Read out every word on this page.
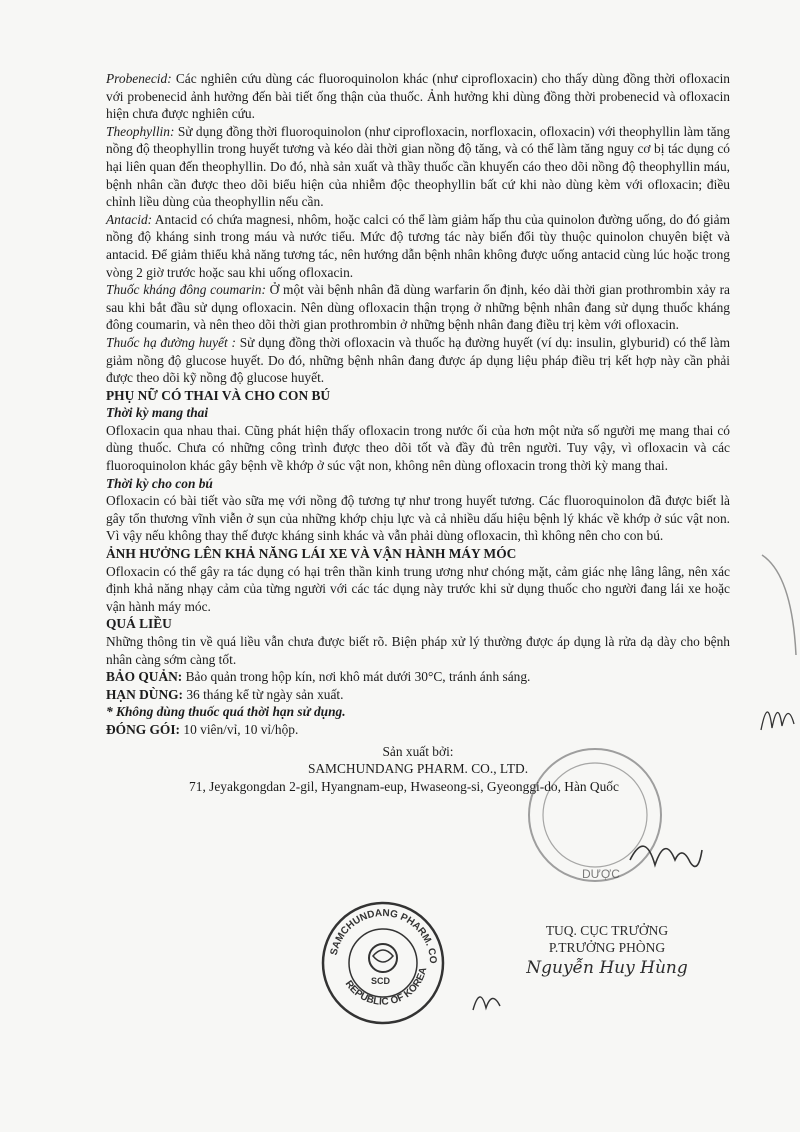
Probenecid: Các nghiên cứu dùng các fluoroquinolon khác (như ciprofloxacin) cho thấy dùng đồng thời ofloxacin với probenecid ảnh hưởng đến bài tiết ống thận của thuốc. Ảnh hưởng khi dùng đồng thời probenecid và ofloxacin hiện chưa được nghiên cứu.

Theophyllin: Sử dụng đồng thời fluoroquinolon (như ciprofloxacin, norfloxacin, ofloxacin) với theophyllin làm tăng nồng độ theophyllin trong huyết tương và kéo dài thời gian nồng độ tăng, và có thể làm tăng nguy cơ bị tác dụng có hại liên quan đến theophyllin. Do đó, nhà sản xuất và thầy thuốc cần khuyến cáo theo dõi nồng độ theophyllin máu, bệnh nhân cần được theo dõi biểu hiện của nhiễm độc theophyllin bất cứ khi nào dùng kèm với ofloxacin; điều chỉnh liều dùng của theophyllin nếu cần.

Antacid: Antacid có chứa magnesi, nhôm, hoặc calci có thể làm giảm hấp thu của quinolon đường uống, do đó giảm nồng độ kháng sinh trong máu và nước tiểu. Mức độ tương tác này biến đổi tùy thuộc quinolon chuyên biệt và antacid. Để giảm thiểu khả năng tương tác, nên hướng dẫn bệnh nhân không được uống antacid cùng lúc hoặc trong vòng 2 giờ trước hoặc sau khi uống ofloxacin.

Thuốc kháng đông coumarin: Ở một vài bệnh nhân đã dùng warfarin ổn định, kéo dài thời gian prothrombin xảy ra sau khi bắt đầu sử dụng ofloxacin. Nên dùng ofloxacin thận trọng ở những bệnh nhân đang sử dụng thuốc kháng đông coumarin, và nên theo dõi thời gian prothrombin ở những bệnh nhân đang điều trị kèm với ofloxacin.

Thuốc hạ đường huyết : Sử dụng đồng thời ofloxacin và thuốc hạ đường huyết (ví dụ: insulin, glyburid) có thể làm giảm nồng độ glucose huyết. Do đó, những bệnh nhân đang được áp dụng liệu pháp điều trị kết hợp này cần phải được theo dõi kỹ nồng độ glucose huyết.

PHỤ NỮ CÓ THAI VÀ CHO CON BÚ
Thời kỳ mang thai

Ofloxacin qua nhau thai. Cũng phát hiện thấy ofloxacin trong nước ối của hơn một nửa số người mẹ mang thai có dùng thuốc. Chưa có những công trình được theo dõi tốt và đầy đủ trên người. Tuy vậy, vì ofloxacin và các fluoroquinolon khác gây bệnh về khớp ở súc vật non, không nên dùng ofloxacin trong thời kỳ mang thai.

Thời kỳ cho con bú

Ofloxacin có bài tiết vào sữa mẹ với nồng độ tương tự như trong huyết tương. Các fluoroquinolon đã được biết là gây tổn thương vĩnh viễn ở sụn của những khớp chịu lực và cả nhiều dấu hiệu bệnh lý khác về khớp ở súc vật non. Vì vậy nếu không thay thế được kháng sinh khác và vẫn phải dùng ofloxacin, thì không nên cho con bú.

ẢNH HƯỞNG LÊN KHẢ NĂNG LÁI XE VÀ VẬN HÀNH MÁY MÓC

Ofloxacin có thể gây ra tác dụng có hại trên thần kinh trung ương như chóng mặt, cảm giác nhẹ lâng lâng, nên xác định khả năng nhạy cảm của từng người với các tác dụng này trước khi sử dụng thuốc cho người đang lái xe hoặc vận hành máy móc.

QUÁ LIỀU

Những thông tin về quá liều vẫn chưa được biết rõ. Biện pháp xử lý thường được áp dụng là rửa dạ dày cho bệnh nhân càng sớm càng tốt.

BẢO QUẢN: Bảo quản trong hộp kín, nơi khô mát dưới 30°C, tránh ánh sáng.

HẠN DÙNG: 36 tháng kể từ ngày sản xuất.

* Không dùng thuốc quá thời hạn sử dụng.

ĐÓNG GÓI: 10 viên/vỉ, 10 vỉ/hộp.

Sản xuất bởi:

SAMCHUNDANG PHARM. CO., LTD.

71, Jeyakgongdan 2-gil, Hyangnam-eup, Hwaseong-si, Gyeonggi-do, Hàn Quốc

DƯỢC
SAMCHUNDANG PHARM. CO
REPUBLIC OF KOREA
SCD
TUQ. CỤC TRƯỞNG
P.TRƯỞNG PHÒNG
Nguyễn Huy Hùng
